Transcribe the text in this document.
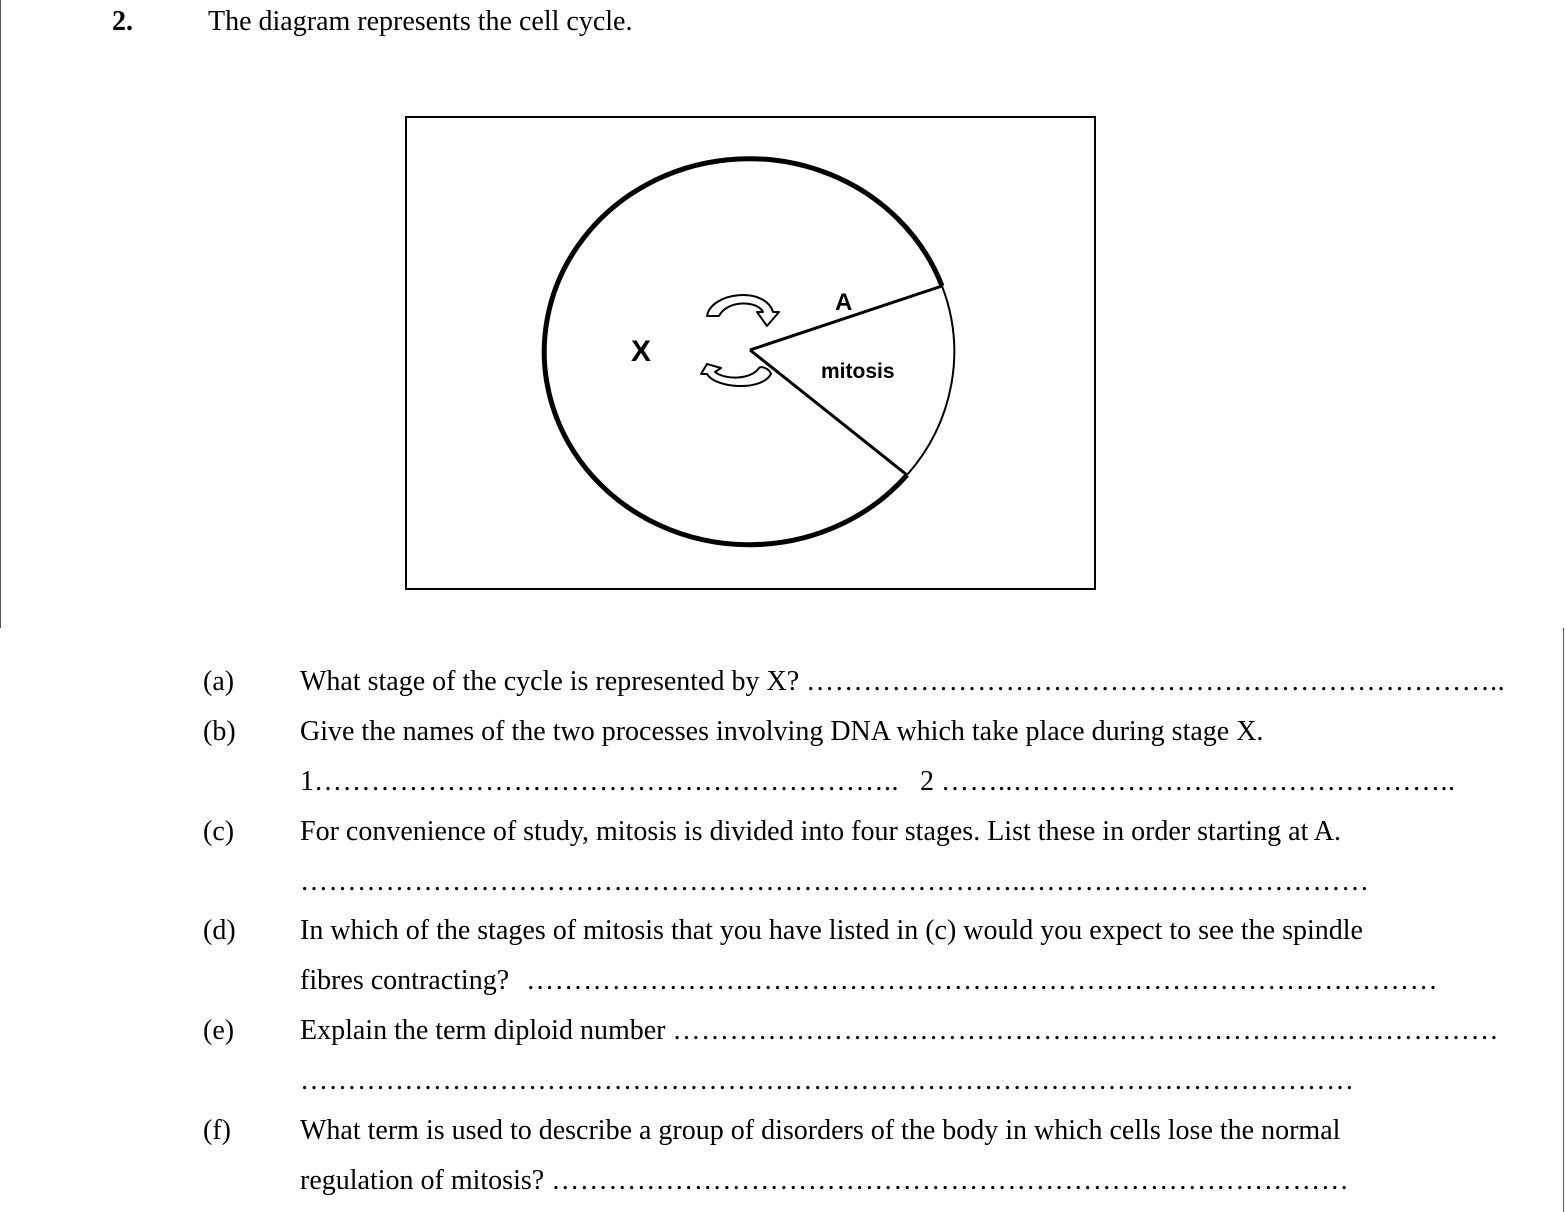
2.	The diagram represents the cell cycle.
X
A
mitosis
(a) What stage of the cycle is represented by X? ………………………………………………………………..
(b) Give the names of the two processes involving DNA which take place during stage X.
1…………………………………………………….. 2 ……..………………………………………..
(c) For convenience of study, mitosis is divided into four stages. List these in order starting at A.
…………………………………………………………………..………………………………
(d) In which of the stages of mitosis that you have listed in (c) would you expect to see the spindle
fibres contracting? ……………………………………………………………………………………
(e) Explain the term diploid number ……………………………………………………………………………
…………………………………………………………………………………………………
(f) What term is used to describe a group of disorders of the body in which cells lose the normal
regulation of mitosis? …………………………………………………………………………
